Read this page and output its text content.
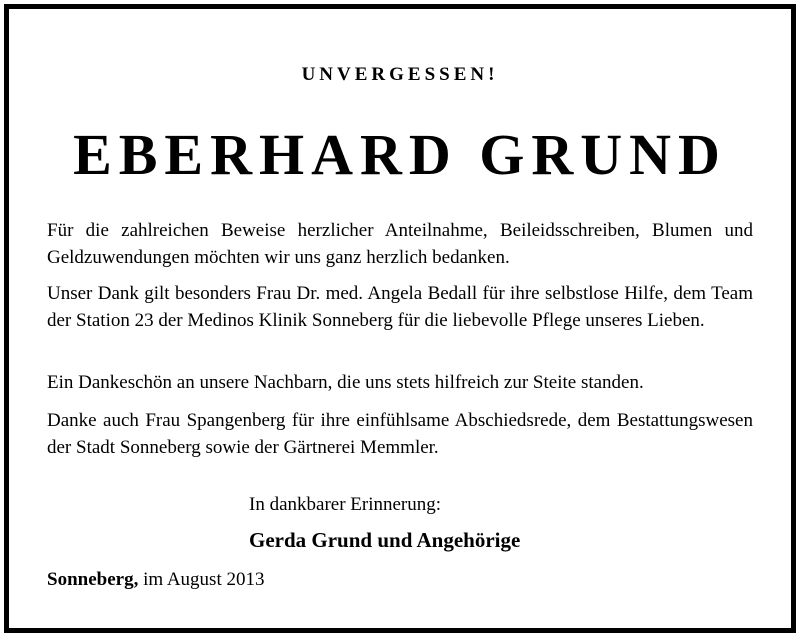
UNVERGESSEN!
EBERHARD GRUND
Für die zahlreichen Beweise herzlicher Anteilnahme, Beileidsschreiben, Blumen und Geldzuwendungen möchten wir uns ganz herzlich bedanken.
Unser Dank gilt besonders Frau Dr. med. Angela Bedall für ihre selbstlose Hilfe, dem Team der Station 23 der Medinos Klinik Sonneberg für die liebevolle Pflege unseres Lieben.
Ein Dankeschön an unsere Nachbarn, die uns stets hilfreich zur Steite standen.
Danke auch Frau Spangenberg für ihre einfühlsame Abschiedsrede, dem Bestattungswesen der Stadt Sonneberg sowie der Gärtnerei Memmler.
In dankbarer Erinnerung:
Gerda Grund und Angehörige
Sonneberg, im August 2013
